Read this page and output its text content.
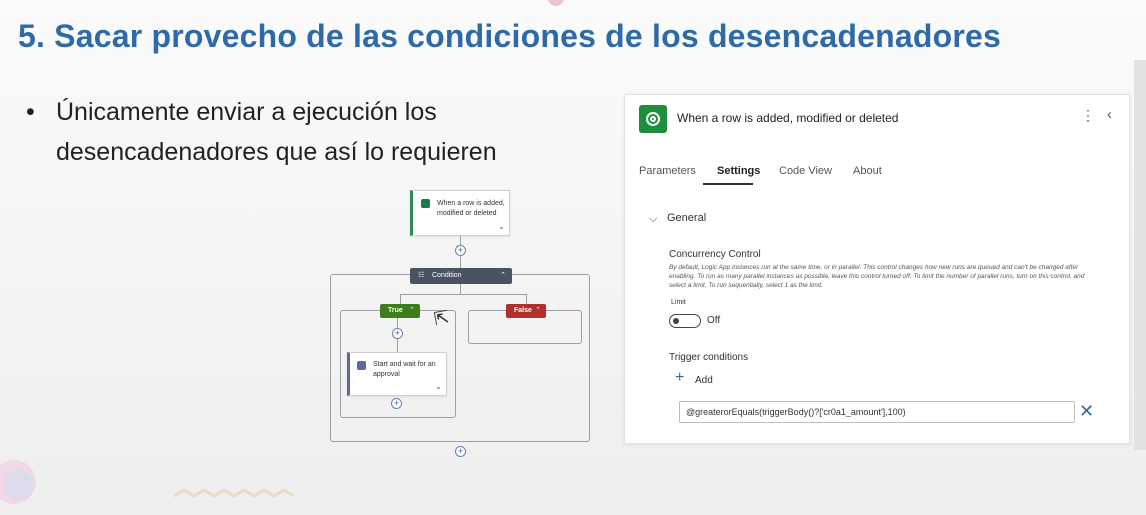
5. Sacar provecho de las condiciones de los desencadenadores
• Únicamente enviar a ejecución los desencadenadores que así lo requieren
When a row is added, modified or deleted
⚭
+
☷ Condition	⌃
True ⌃	False ⌃
+
Start and wait for an approval
⚭
+
+
⇱
When a row is added, modified or deleted	⋮ ‹
Parameters Settings Code View About
⌵ General
Concurrency Control
By default, Logic App instances run at the same time, or in parallel. This control changes how new runs are queued and can't be changed after enabling. To run as many parallel instances as possible, leave this control turned off. To limit the number of parallel runs, turn on this control, and select a limit. To run sequentially, select 1 as the limit.
Limit
Off
Trigger conditions
+ Add
@greaterorEquals(triggerBody()?['cr0a1_amount'],100)
✕
